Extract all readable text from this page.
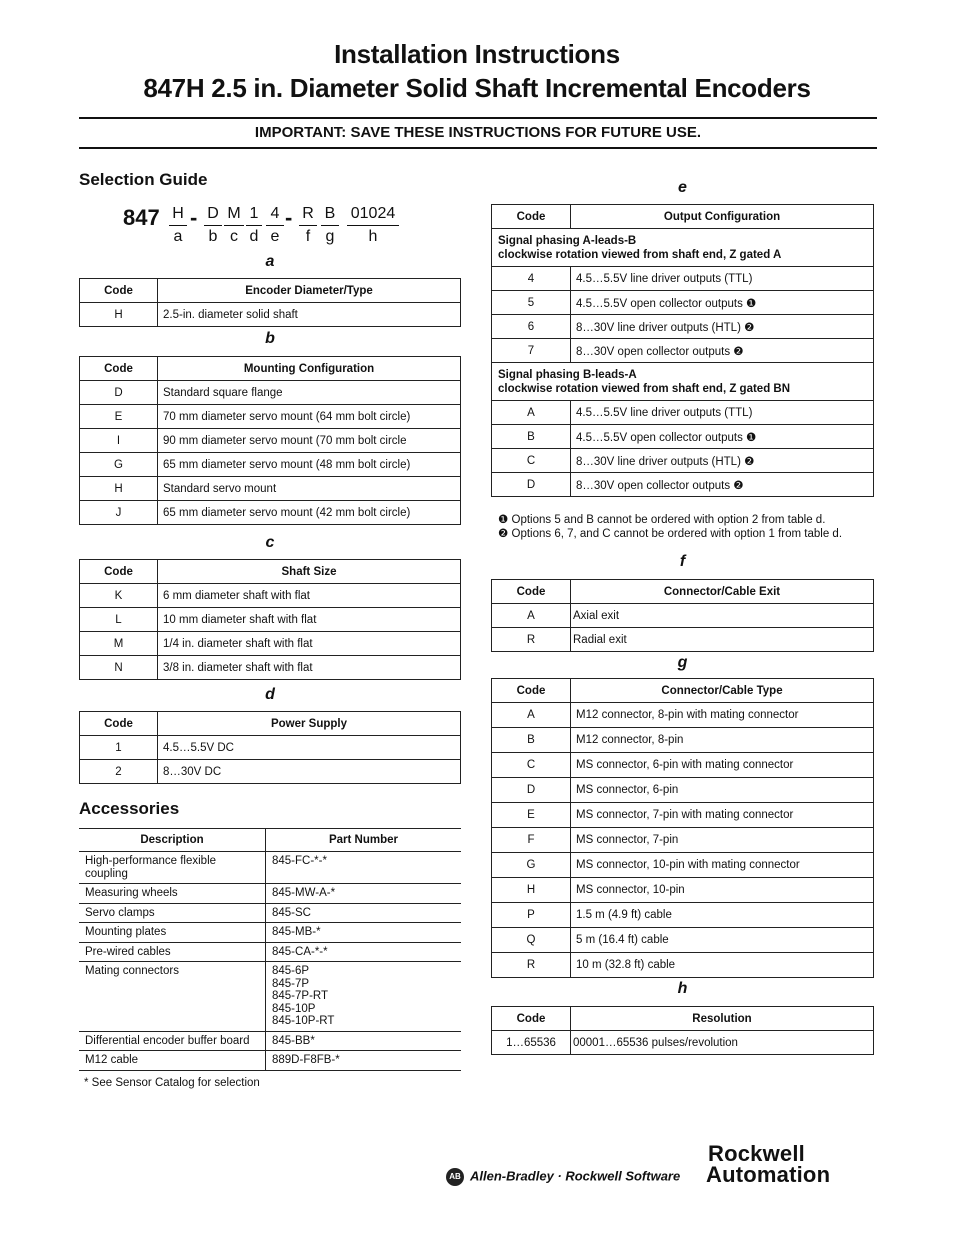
Installation Instructions
847H 2.5 in. Diameter Solid Shaft Incremental Encoders
IMPORTANT: SAVE THESE INSTRUCTIONS FOR FUTURE USE.
Selection Guide
847 H
a
- D
b
M
c
1
d
4
e
- R
f
B
g
01024
h
a
Code	Encoder Diameter/Type
H	2.5-in. diameter solid shaft
b
Code	Mounting Configuration
D	Standard square flange
E	70 mm diameter servo mount (64 mm bolt circle)
I	90 mm diameter servo mount (70 mm bolt circle
G	65 mm diameter servo mount (48 mm bolt circle)
H	Standard servo mount
J	65 mm diameter servo mount (42 mm bolt circle)
c
Code	Shaft Size
K	6 mm diameter shaft with flat
L	10 mm diameter shaft with flat
M	1/4 in. diameter shaft with flat
N	3/8 in. diameter shaft with flat
d
Code	Power Supply
1	4.5…5.5V DC
2	8…30V DC
Accessories
Description	Part Number
High-performance flexible coupling	845-FC-*-*
Measuring wheels	845-MW-A-*
Servo clamps	845-SC
Mounting plates	845-MB-*
Pre-wired cables	845-CA-*-*
Mating connectors	845-6P
845-7P
845-7P-RT
845-10P
845-10P-RT

Differential encoder buffer board	845-BB*
M12 cable	889D-F8FB-*
* See Sensor Catalog for selection
e
Code	Output Configuration

Signal phasing A-leads-B
clockwise rotation viewed from shaft end, Z gated A	

4	4.5…5.5V line driver outputs (TTL)
5	4.5…5.5V open collector outputs ❶
6	8…30V line driver outputs (HTL) ❷
7	8…30V open collector outputs ❷

Signal phasing B-leads-A
clockwise rotation viewed from shaft end, Z gated BN	

A	4.5…5.5V line driver outputs (TTL)
B	4.5…5.5V open collector outputs ❶
C	8…30V line driver outputs (HTL) ❷
D	8…30V open collector outputs ❷
❶ Options 5 and B cannot be ordered with option 2 from table d.
❷ Options 6, 7, and C cannot be ordered with option 1 from table d.
f
Code	Connector/Cable Exit
A	Axial exit
R	Radial exit
g
Code	Connector/Cable Type
A	M12 connector, 8-pin with mating connector
B	M12 connector, 8-pin
C	MS connector, 6-pin with mating connector
D	MS connector, 6-pin
E	MS connector, 7-pin with mating connector
F	MS connector, 7-pin
G	MS connector, 10-pin with mating connector
H	MS connector, 10-pin
P	1.5 m (4.9 ft) cable
Q	5 m (16.4 ft) cable
R	10 m (32.8 ft) cable
h
Code	Resolution
1…65536	00001…65536 pulses/revolution
AB Allen-Bradley · Rockwell Software
Rockwell
Automation
